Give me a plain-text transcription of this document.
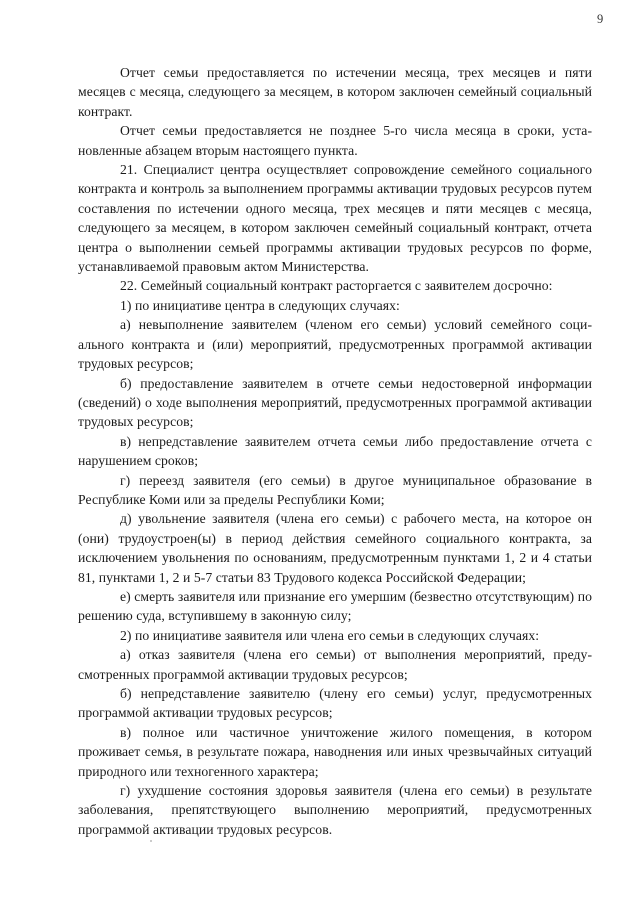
9

Отчет семьи предоставляется по истечении месяца, трех месяцев и пяти месяцев с месяца, следующего за месяцем, в котором заключен семейный социальный контракт.

Отчет семьи предоставляется не позднее 5-го числа месяца в сроки, установленные абзацем вторым настоящего пункта.

21. Специалист центра осуществляет сопровождение семейного социального контракта и контроль за выполнением программы активации трудовых ресурсов путем составления по истечении одного месяца, трех месяцев и пяти месяцев с месяца, следующего за месяцем, в котором заключен семейный социальный контракт, отчета центра о выполнении семьей программы активации трудовых ресурсов по форме, устанавливаемой правовым актом Министерства.

22. Семейный социальный контракт расторгается с заявителем досрочно:

1) по инициативе центра в следующих случаях:

а) невыполнение заявителем (членом его семьи) условий семейного социального контракта и (или) мероприятий, предусмотренных программой активации трудовых ресурсов;

б) предоставление заявителем в отчете семьи недостоверной информации (сведений) о ходе выполнения мероприятий, предусмотренных программой активации трудовых ресурсов;

в) непредставление заявителем отчета семьи либо предоставление отчета с нарушением сроков;

г) переезд заявителя (его семьи) в другое муниципальное образование в Республике Коми или за пределы Республики Коми;

д) увольнение заявителя (члена его семьи) с рабочего места, на которое он (они) трудоустроен(ы) в период действия семейного социального контракта, за исключением увольнения по основаниям, предусмотренным пунктами 1, 2 и 4 статьи 81, пунктами 1, 2 и 5-7 статьи 83 Трудового кодекса Российской Федерации;

е) смерть заявителя или признание его умершим (безвестно отсутствующим) по решению суда, вступившему в законную силу;

2) по инициативе заявителя или члена его семьи в следующих случаях:

а) отказ заявителя (члена его семьи) от выполнения мероприятий, предусмотренных программой активации трудовых ресурсов;

б) непредставление заявителю (члену его семьи) услуг, предусмотренных программой активации трудовых ресурсов;

в) полное или частичное уничтожение жилого помещения, в котором проживает семья, в результате пожара, наводнения или иных чрезвычайных ситуаций природного или техногенного характера;

г) ухудшение состояния здоровья заявителя (члена его семьи) в результате заболевания, препятствующего выполнению мероприятий, предусмотренных программой активации трудовых ресурсов.
